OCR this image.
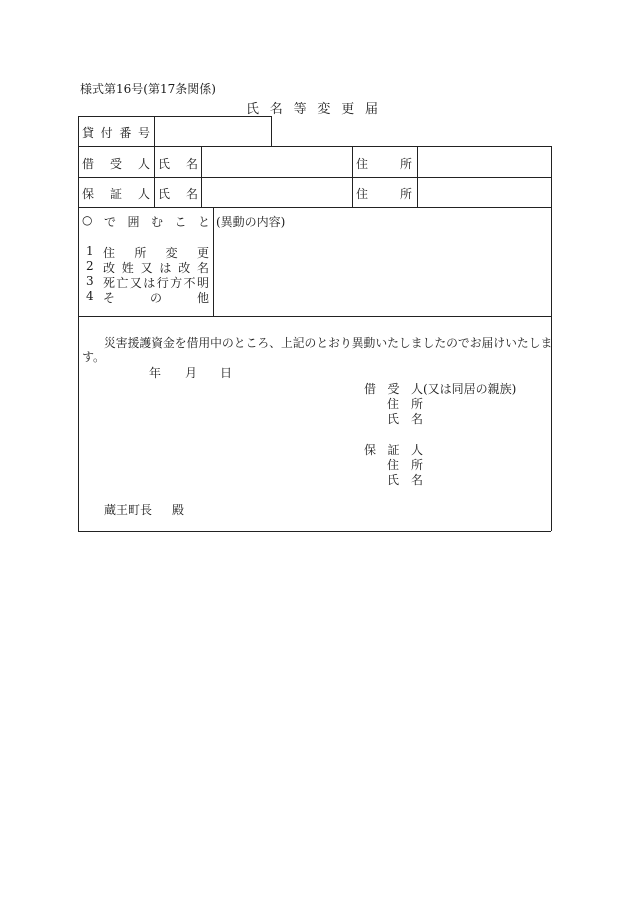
様式第16号(第17条関係)
氏 名 等 変 更 届
貸 付 番 号
借 受 人 氏 名	住	所
保 証 人 氏 名	住	所
○ で 囲 む こ と
1 住 所 変 更
2 改 姓 又 は 改 名
3 死 亡 又 は 行 方 不 明
4 そ	の	他
(異動の内容)
災害援護資金を借用中のところ、上記のとおり異動いたしましたのでお届けいたしま
す。
年 月 日
借 受 人 (又は同居の親族)
住 所
氏 名
保 証 人
住 所
氏 名
蔵王町長 殿
